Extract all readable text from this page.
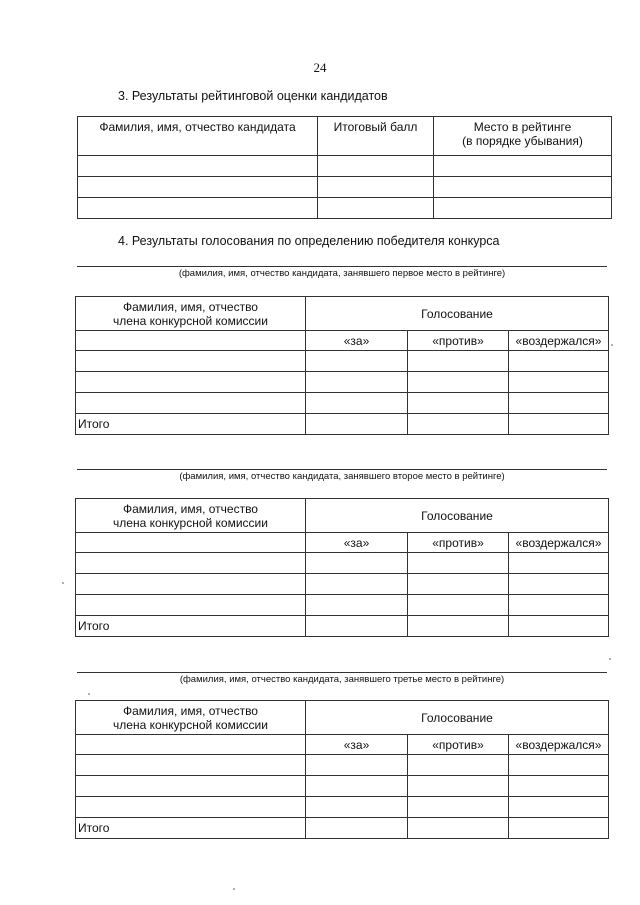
24
3. Результаты рейтинговой оценки кандидатов
Фамилия, имя, отчество кандидата	Итоговый балл	Место в рейтинге
(в порядке убывания)

4. Результаты голосования по определению победителя конкурса
(фамилия, имя, отчество кандидата, занявшего первое место в рейтинге)
Фамилия, имя, отчество
члена конкурсной комиссии	Голосование		
	«за»	«против»	«воздержался»

Итого			
(фамилия, имя, отчество кандидата, занявшего второе место в рейтинге)
Фамилия, имя, отчество
члена конкурсной комиссии	Голосование		
	«за»	«против»	«воздержался»

Итого			
(фамилия, имя, отчество кандидата, занявшего третье место в рейтинге)
Фамилия, имя, отчество
члена конкурсной комиссии	Голосование		
	«за»	«против»	«воздержался»

Итого			
